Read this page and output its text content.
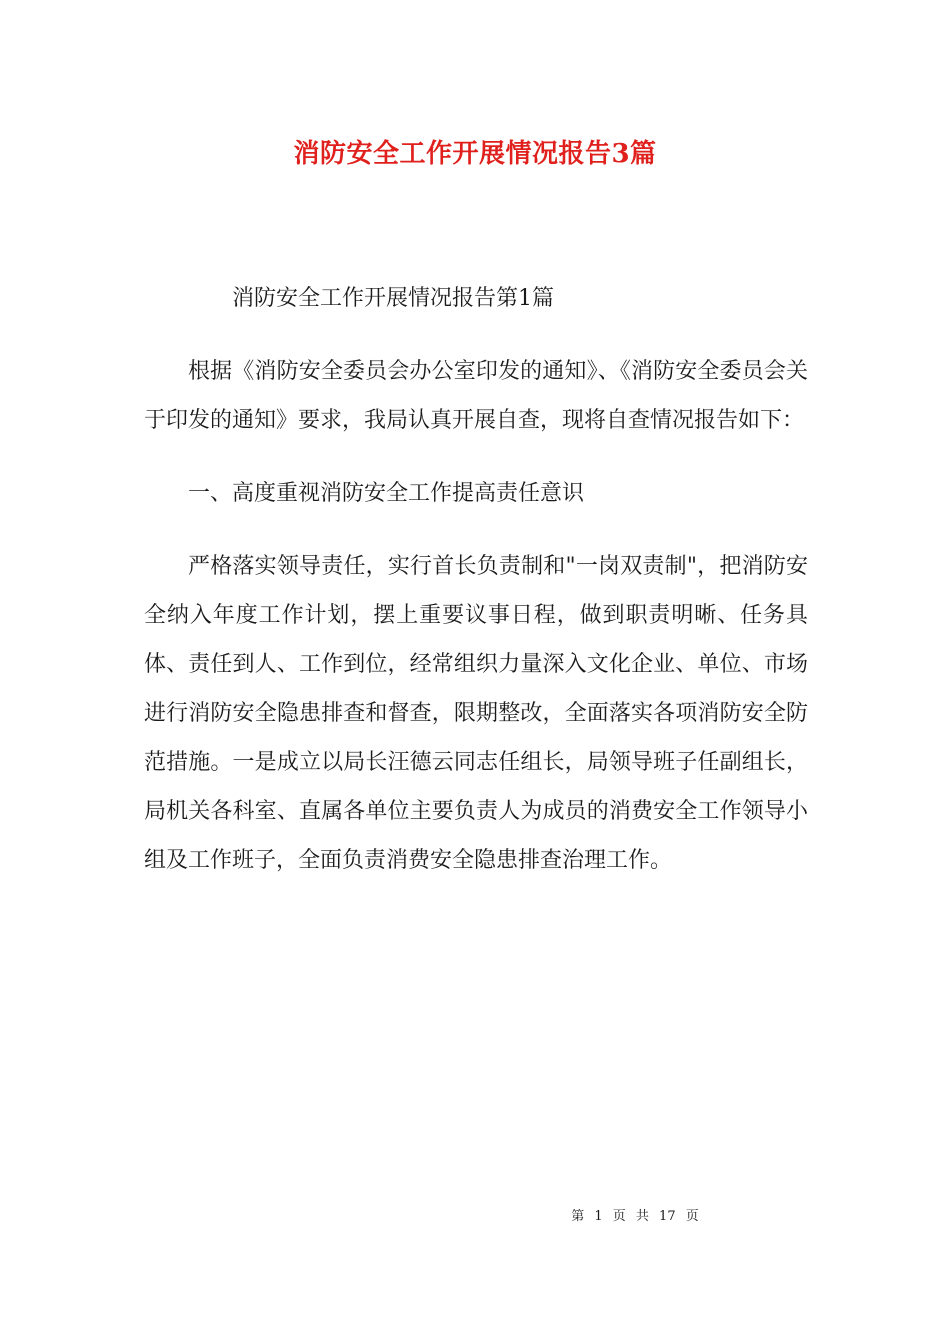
消防安全工作开展情况报告3篇

消防安全工作开展情况报告第1篇

根据《消防安全委员会办公室印发的通知》、《消防安全委员会关于印发的通知》要求，我局认真开展自查，现将自查情况报告如下：

一、高度重视消防安全工作提高责任意识

严格落实领导责任，实行首长负责制和"一岗双责制"，把消防安全纳入年度工作计划，摆上重要议事日程，做到职责明晰、任务具体、责任到人、工作到位，经常组织力量深入文化企业、单位、市场进行消防安全隐患排查和督查，限期整改，全面落实各项消防安全防范措施。一是成立以局长汪德云同志任组长，局领导班子任副组长，局机关各科室、直属各单位主要负责人为成员的消费安全工作领导小组及工作班子，全面负责消费安全隐患排查治理工作。

第 1 页 共 17 页
